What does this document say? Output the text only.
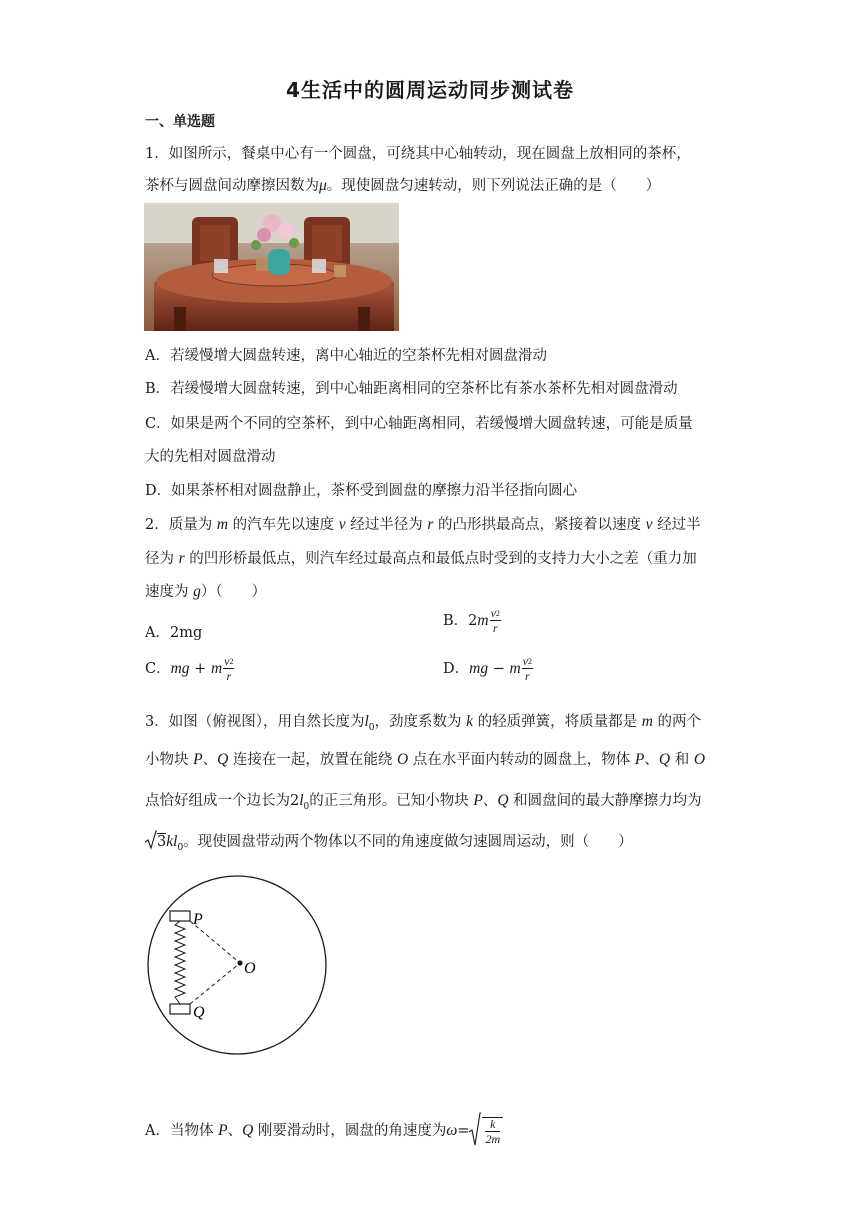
4生活中的圆周运动同步测试卷
一、单选题
1．如图所示，餐桌中心有一个圆盘，可绕其中心轴转动，现在圆盘上放相同的茶杯，
茶杯与圆盘间动摩擦因数为μ。现使圆盘匀速转动，则下列说法正确的是（　　）
A．若缓慢增大圆盘转速，离中心轴近的空茶杯先相对圆盘滑动
B．若缓慢增大圆盘转速，到中心轴距离相同的空茶杯比有茶水茶杯先相对圆盘滑动
C．如果是两个不同的空茶杯，到中心轴距离相同，若缓慢增大圆盘转速，可能是质量
大的先相对圆盘滑动
D．如果茶杯相对圆盘静止，茶杯受到圆盘的摩擦力沿半径指向圆心
2．质量为 m 的汽车先以速度 v 经过半径为 r 的凸形拱最高点，紧接着以速度 v 经过半
径为 r 的凹形桥最低点，则汽车经过最高点和最低点时受到的支持力大小之差（重力加
速度为 g）（　　）
A．2mg
B．$2m \frac{v^2}{r}$
C．mg + m $\frac{v^2}{r}$	D．mg − m $\frac{v^2}{r}$
3．如图（俯视图），用自然长度为$l_0$，劲度系数为 k 的轻质弹簧，将质量都是 m 的两个
小物块 P、Q 连接在一起，放置在能绕 O 点在水平面内转动的圆盘上，物体 P、Q 和 O
点恰好组成一个边长为$2l_0$的正三角形。已知小物块 P、Q 和圆盘间的最大静摩擦力均为
$3kl_0$。现使圆盘带动两个物体以不同的角速度做匀速圆周运动，则（　　）
P
Q
O
A．当物体 P、Q 刚要滑动时，圆盘的角速度为$\omega= \frac{k}{2m}$
